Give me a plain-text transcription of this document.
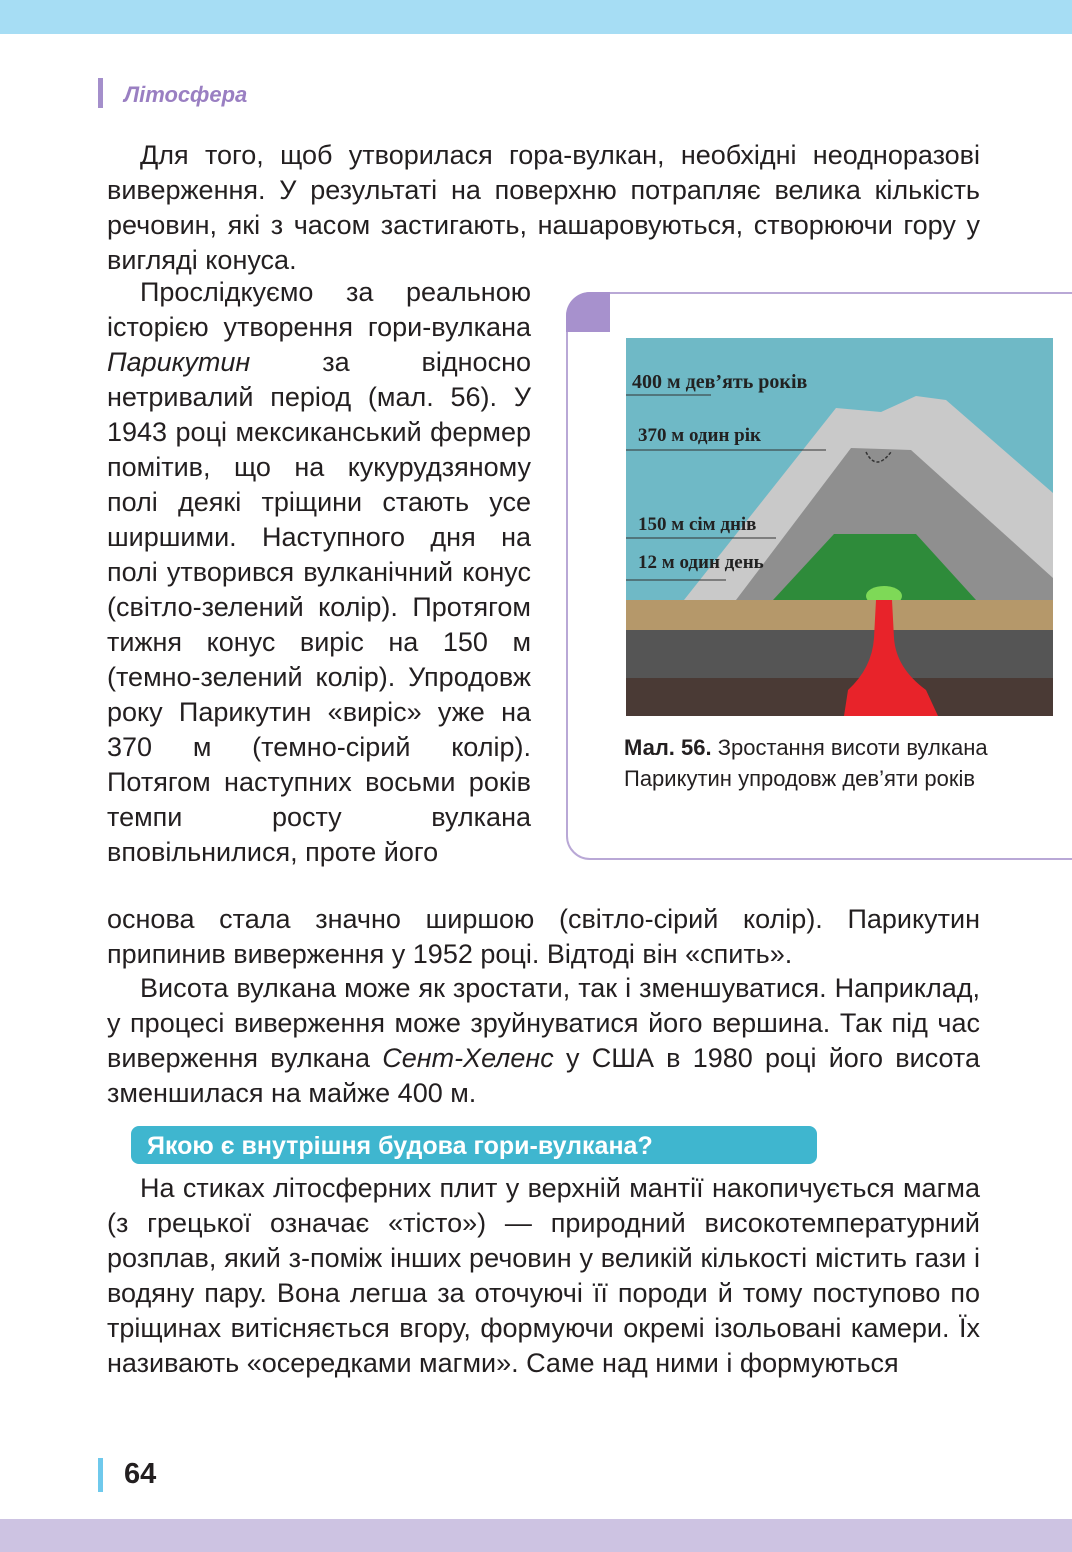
Літосфера

Для того, щоб утворилася гора-вулкан, необхідні неодноразові виверження. У результаті на поверхню потрапляє велика кількість речовин, які з часом застигають, нашаровуються, створюючи гору у вигляді конуса.

Прослідкуємо за реальною історією утворення гори-вулкана Парикутин за відносно нетривалий період (мал. 56). У 1943 році мексиканський фермер помітив, що на кукурудзяному полі деякі тріщини стають усе ширшими. Наступного дня на полі утворився вулканічний конус (світло-зелений колір). Протягом тижня конус виріс на 150 м (темно-зелений колір). Упродовж року Парикутин «виріс» уже на 370 м (темно-сірий колір). Потягом наступних восьми років темпи росту вулкана вповільнилися, проте його

400 м дев’ять років
370 м один рік
150 м сім днів
12 м один день
Мал. 56. Зростання висоти вулкана Парикутин упродовж дев’яти років

основа стала значно ширшою (світло-сірий колір). Парикутин припинив виверження у 1952 році. Відтоді він «спить».

Висота вулкана може як зростати, так і зменшуватися. Наприклад, у процесі виверження може зруйнуватися його вершина. Так під час виверження вулкана Сент-Хеленс у США в 1980 році його висота зменшилася на майже 400 м.

Якою є внутрішня будова гори-вулкана?

На стиках літосферних плит у верхній мантії накопичується магма (з грецької означає «тісто») — природний високотемпературний розплав, який з-поміж інших речовин у великій кількості містить гази і водяну пару. Вона легша за оточуючі її породи й тому поступово по тріщинах витісняється вгору, формуючи окремі ізольовані камери. Їх називають «осередками магми». Саме над ними і формуються

64
